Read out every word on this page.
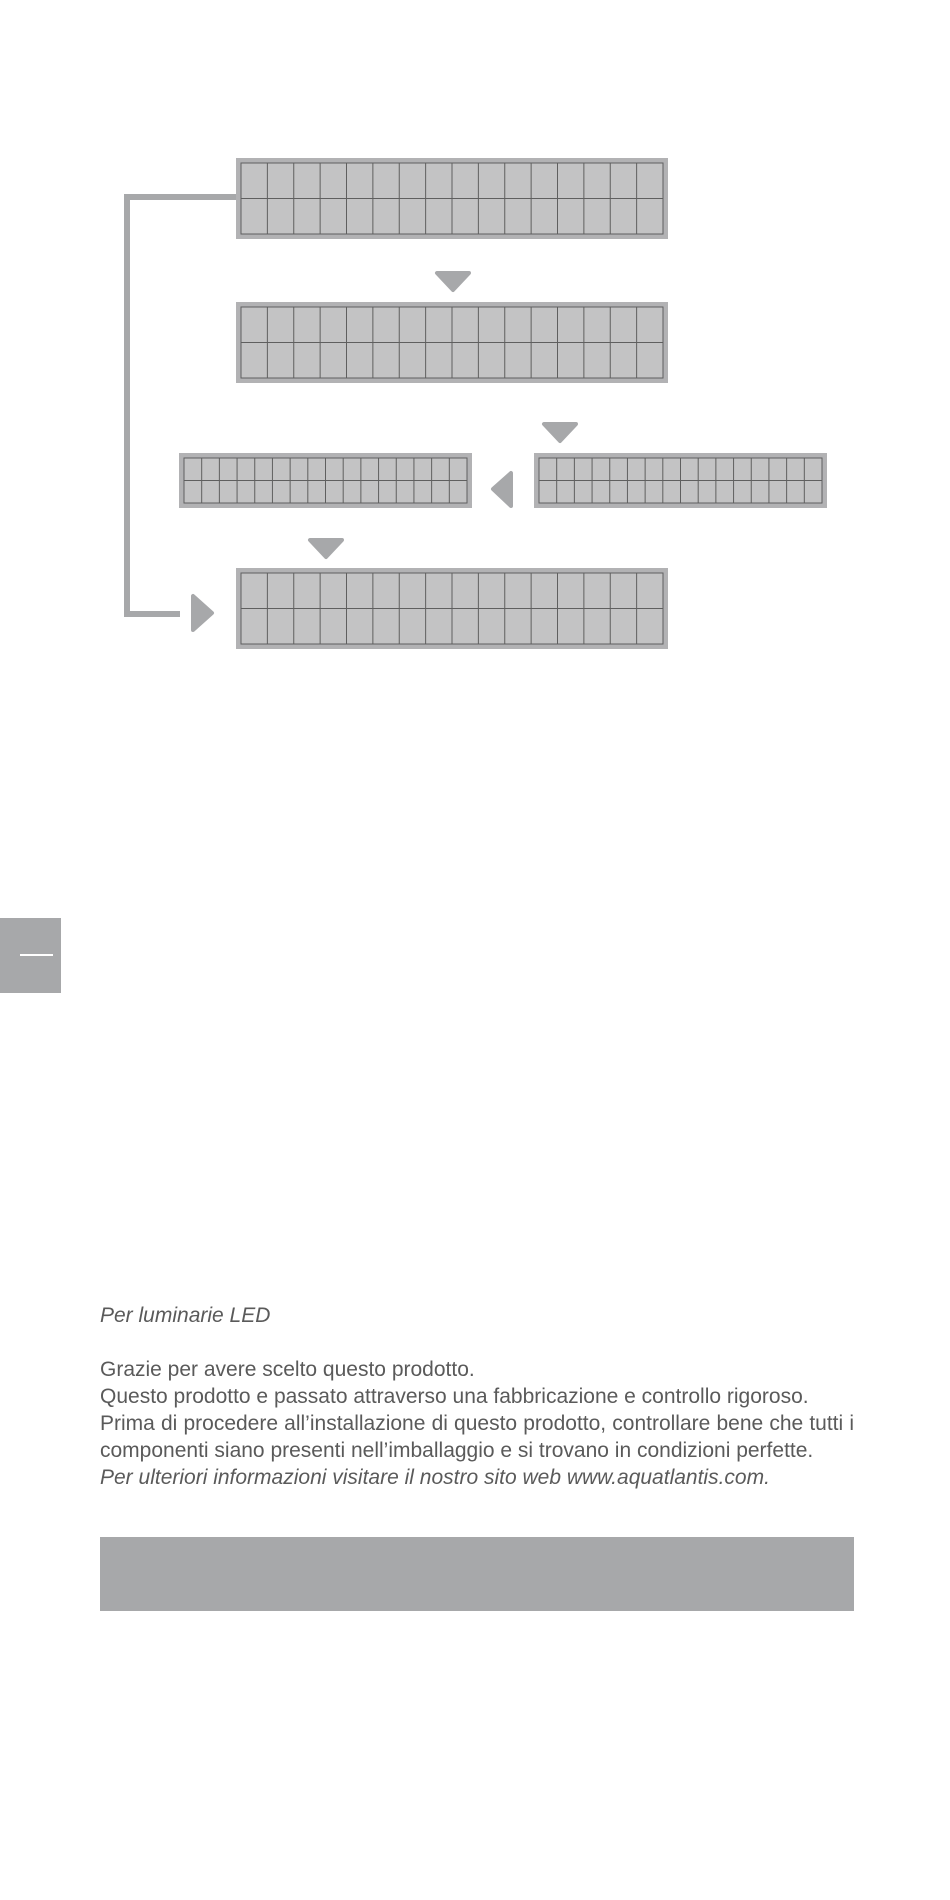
Per luminarie LED

Grazie per avere scelto questo prodotto.

Questo prodotto e passato attraverso una fabbricazione e controllo rigoroso.

Prima di procedere all’installazione di questo prodotto, controllare bene che tutti i componenti siano presenti nell’imballaggio e si trovano in condizioni perfette.

Per ulteriori informazioni visitare il nostro sito web www.aquatlantis.com.
